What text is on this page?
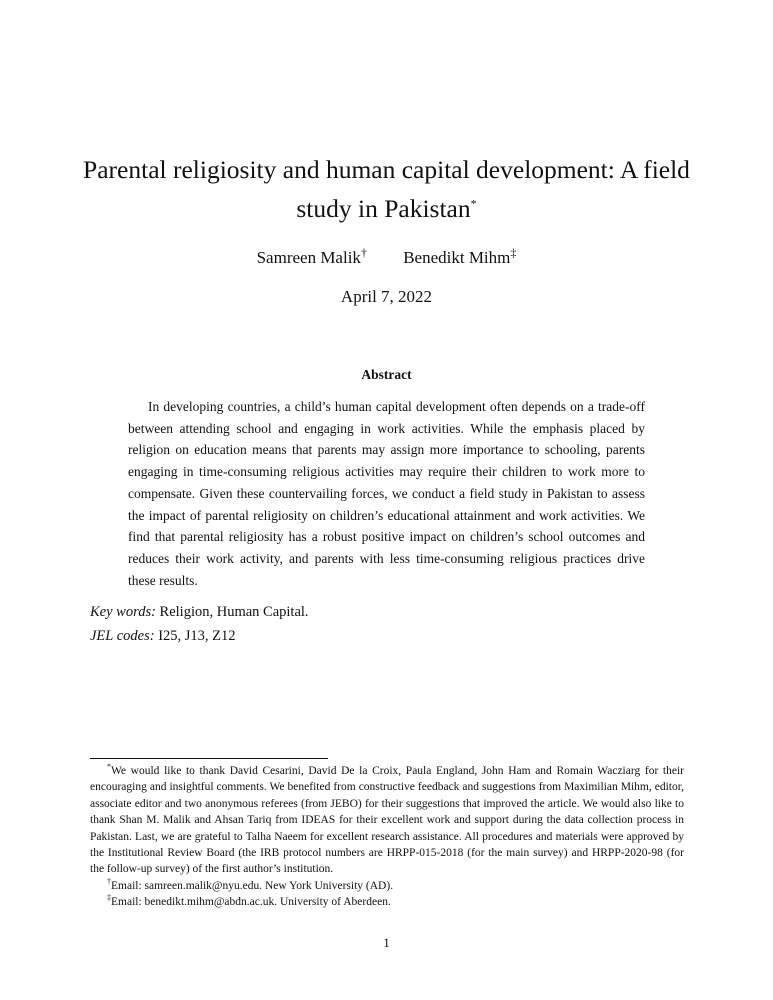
Parental religiosity and human capital development: A field study in Pakistan*
Samreen Malik† Benedikt Mihm‡
April 7, 2022
Abstract

In developing countries, a child’s human capital development often depends on a trade-off between attending school and engaging in work activities. While the emphasis placed by religion on education means that parents may assign more importance to schooling, parents engaging in time-consuming religious activities may require their children to work more to compensate. Given these countervailing forces, we conduct a field study in Pakistan to assess the impact of parental religiosity on children’s educational attainment and work activities. We find that parental religiosity has a robust positive impact on children’s school outcomes and reduces their work activity, and parents with less time-consuming religious practices drive these results.

Key words: Religion, Human Capital.
JEL codes: I25, J13, Z12

*We would like to thank David Cesarini, David De la Croix, Paula England, John Ham and Romain Wacziarg for their encouraging and insightful comments. We benefited from constructive feedback and suggestions from Maximilian Mihm, editor, associate editor and two anonymous referees (from JEBO) for their suggestions that improved the article. We would also like to thank Shan M. Malik and Ahsan Tariq from IDEAS for their excellent work and support during the data collection process in Pakistan. Last, we are grateful to Talha Naeem for excellent research assistance. All procedures and materials were approved by the Institutional Review Board (the IRB protocol numbers are HRPP-015-2018 (for the main survey) and HRPP-2020-98 (for the follow-up survey) of the first author’s institution.

†Email: samreen.malik@nyu.edu. New York University (AD).

‡Email: benedikt.mihm@abdn.ac.uk. University of Aberdeen.

1
